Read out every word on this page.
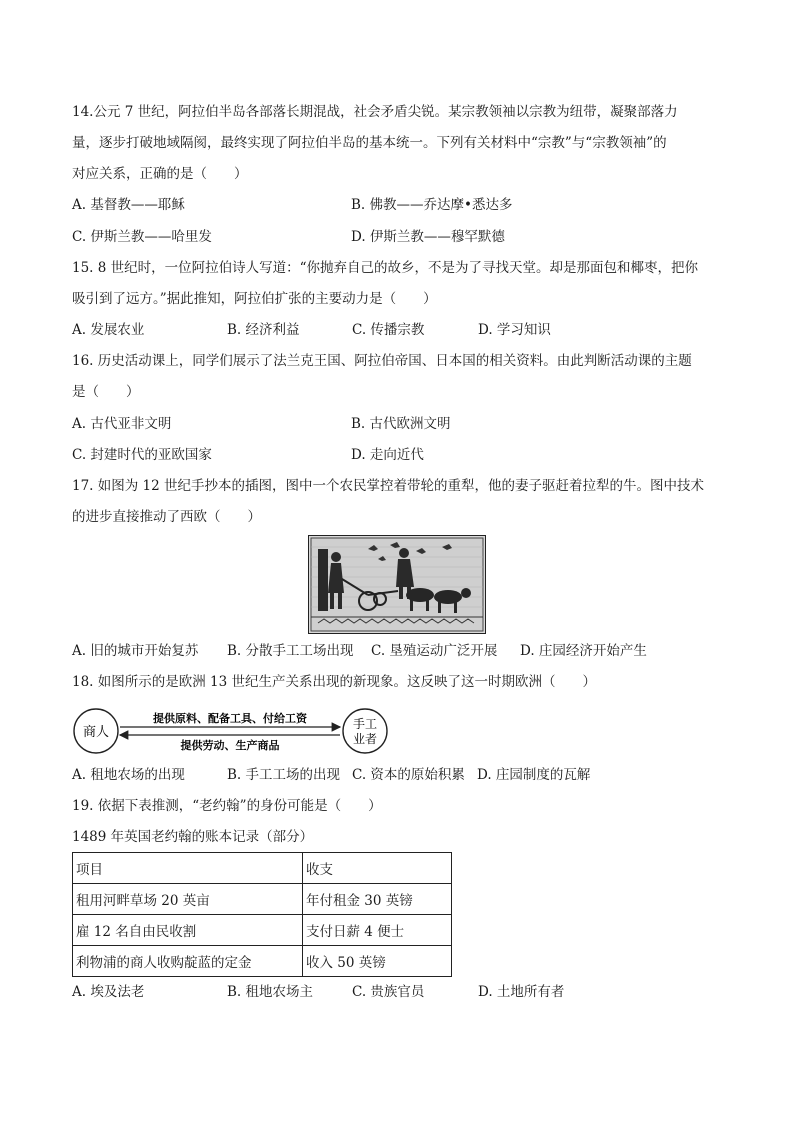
14.公元 7 世纪，阿拉伯半岛各部落长期混战，社会矛盾尖锐。某宗教领袖以宗教为纽带，凝聚部落力
量，逐步打破地域隔阂，最终实现了阿拉伯半岛的基本统一。下列有关材料中“宗教”与“宗教领袖”的
对应关系，正确的是（　　）
A. 基督教——耶稣	B. 佛教——乔达摩•悉达多
C. 伊斯兰教——哈里发	D. 伊斯兰教——穆罕默德
15. 8 世纪时，一位阿拉伯诗人写道：“你抛弃自己的故乡，不是为了寻找天堂。却是那面包和椰枣，把你
吸引到了远方。”据此推知，阿拉伯扩张的主要动力是（　　）
A. 发展农业	B. 经济利益	C. 传播宗教	D. 学习知识
16. 历史活动课上，同学们展示了法兰克王国、阿拉伯帝国、日本国的相关资料。由此判断活动课的主题
是（　　）
A. 古代亚非文明	B. 古代欧洲文明
C. 封建时代的亚欧国家	D. 走向近代
17. 如图为 12 世纪手抄本的插图，图中一个农民掌控着带轮的重犁，他的妻子驱赶着拉犁的牛。图中技术
的进步直接推动了西欧（　　）
A. 旧的城市开始复苏 B. 分散手工工场出现 C. 垦殖运动广泛开展 D. 庄园经济开始产生
18. 如图所示的是欧洲 13 世纪生产关系出现的新现象。这反映了这一时期欧洲（　　）
商人
手工
业者
提供原料、配备工具、付给工资
提供劳动、生产商品
A. 租地农场的出现	B. 手工工场的出现 C. 资本的原始积累 D. 庄园制度的瓦解
19. 依据下表推测，“老约翰”的身份可能是（　　）
1489 年英国老约翰的账本记录（部分）
项目	收支
租用河畔草场 20 英亩	年付租金 30 英镑
雇 12 名自由民收割	支付日薪 4 便士
利物浦的商人收购靛蓝的定金	收入 50 英镑
A. 埃及法老	B. 租地农场主	C. 贵族官员	D. 土地所有者
